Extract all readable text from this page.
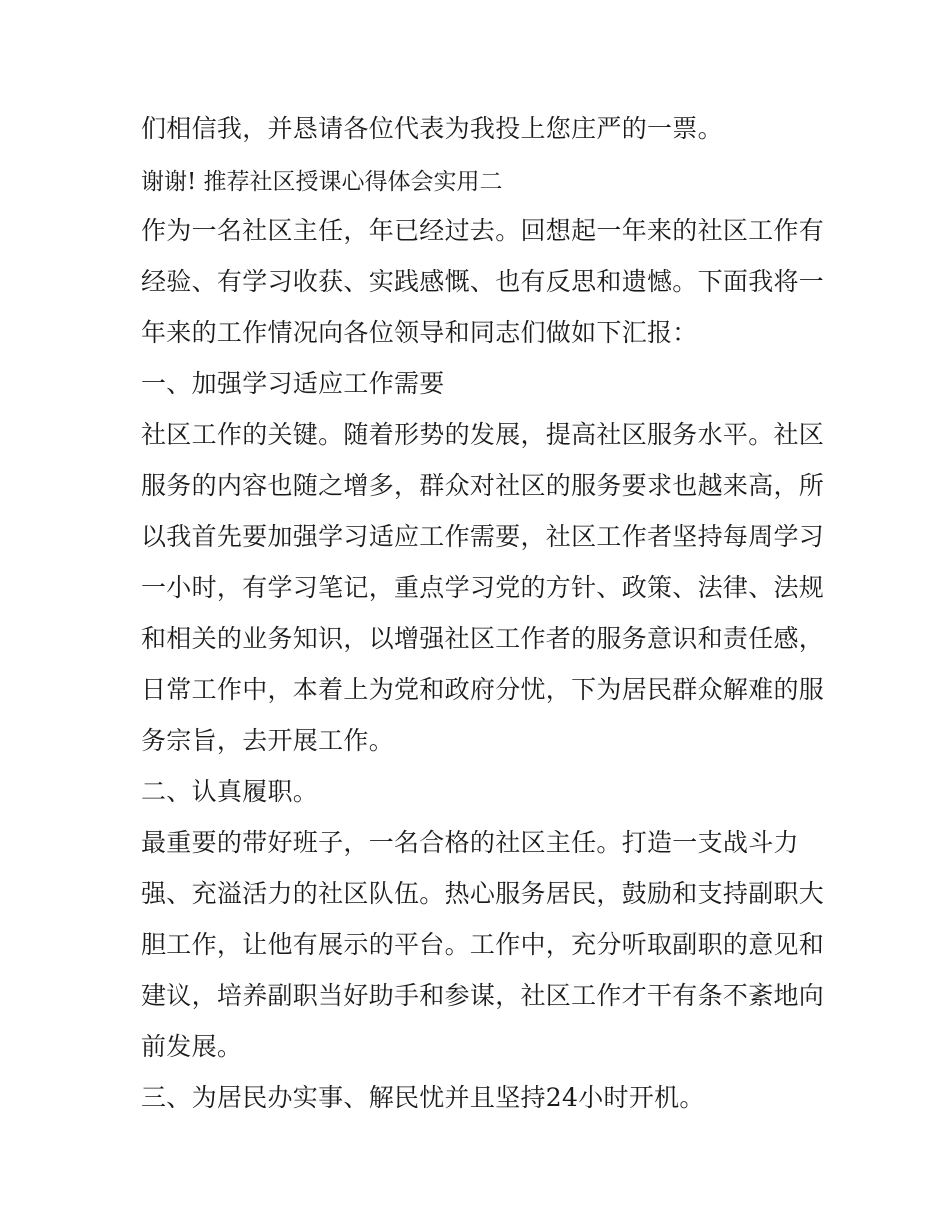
们相信我，并恳请各位代表为我投上您庄严的一票。

谢谢! 推荐社区授课心得体会实用二

作为一名社区主任，年已经过去。回想起一年来的社区工作有

经验、有学习收获、实践感慨、也有反思和遗憾。下面我将一

年来的工作情况向各位领导和同志们做如下汇报：

一、加强学习适应工作需要

社区工作的关键。随着形势的发展，提高社区服务水平。社区

服务的内容也随之增多，群众对社区的服务要求也越来高，所

以我首先要加强学习适应工作需要，社区工作者坚持每周学习

一小时，有学习笔记，重点学习党的方针、政策、法律、法规

和相关的业务知识，以增强社区工作者的服务意识和责任感，

日常工作中，本着上为党和政府分忧，下为居民群众解难的服

务宗旨，去开展工作。

二、认真履职。

最重要的带好班子，一名合格的社区主任。打造一支战斗力

强、充溢活力的社区队伍。热心服务居民，鼓励和支持副职大

胆工作，让他有展示的平台。工作中，充分听取副职的意见和

建议，培养副职当好助手和参谋，社区工作才干有条不紊地向

前发展。

三、为居民办实事、解民忧并且坚持24小时开机。
